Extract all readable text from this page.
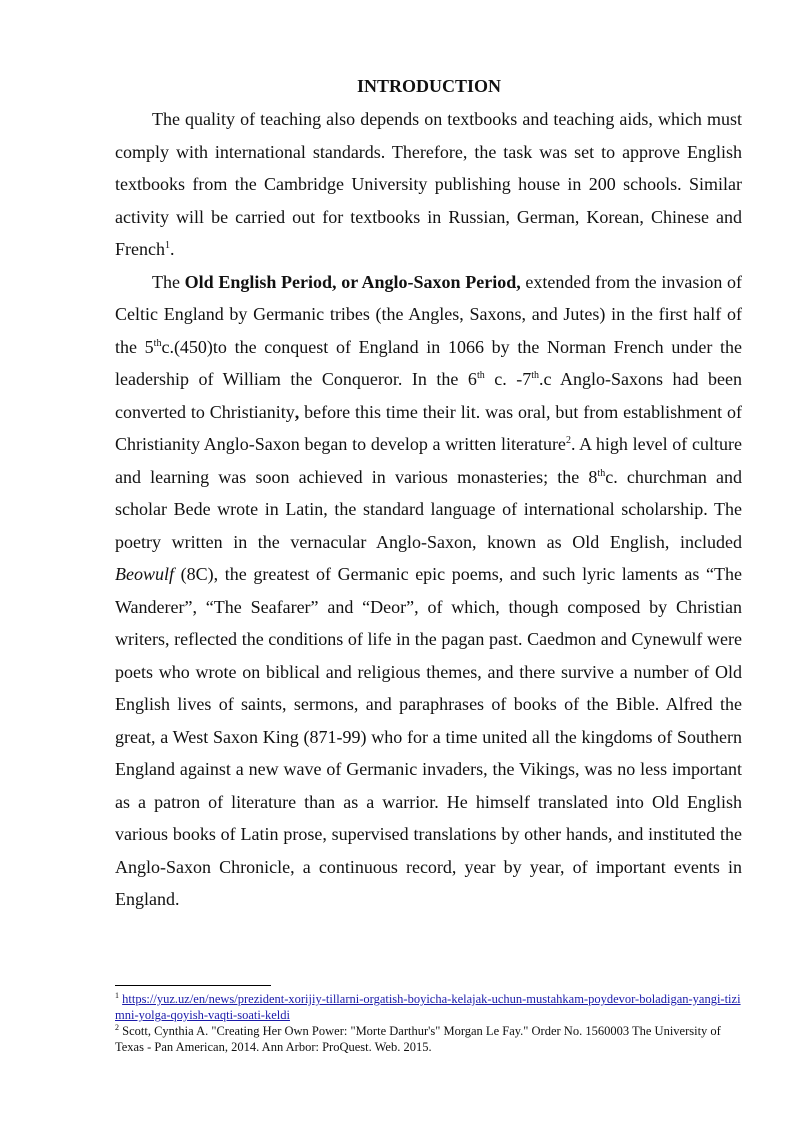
INTRODUCTION

The quality of teaching also depends on textbooks and teaching aids, which must comply with international standards. Therefore, the task was set to approve English textbooks from the Cambridge University publishing house in 200 schools. Similar activity will be carried out for textbooks in Russian, German, Korean, Chinese and French$^1$.

The Old English Period, or Anglo-Saxon Period, extended from the invasion of Celtic England by Germanic tribes (the Angles, Saxons, and Jutes) in the first half of the 5thc.(450)to the conquest of England in 1066 by the Norman French under the leadership of William the Conqueror. In the 6th c. -7th.c Anglo-Saxons had been converted to Christianity, before this time their lit. was oral, but from establishment of Christianity Anglo-Saxon began to develop a written literature$^2$. A high level of culture and learning was soon achieved in various monasteries; the 8thc. churchman and scholar Bede wrote in Latin, the standard language of international scholarship. The poetry written in the vernacular Anglo-Saxon, known as Old English, included Beowulf (8C), the greatest of Germanic epic poems, and such lyric laments as “The Wanderer”, “The Seafarer” and “Deor”, of which, though composed by Christian writers, reflected the conditions of life in the pagan past. Caedmon and Cynewulf were poets who wrote on biblical and religious themes, and there survive a number of Old English lives of saints, sermons, and paraphrases of books of the Bible. Alfred the great, a West Saxon King (871-99) who for a time united all the kingdoms of Southern England against a new wave of Germanic invaders, the Vikings, was no less important as a patron of literature than as a warrior. He himself translated into Old English various books of Latin prose, supervised translations by other hands, and instituted the Anglo-Saxon Chronicle, a continuous record, year by year, of important events in England.

$^1$ https://yuz.uz/en/news/prezident-xorijiy-tillarni-orgatish-boyicha-kelajak-uchun-mustahkam-poydevor-boladigan-yangi-tizimni-yolga-qoyish-vaqti-soati-keldi

$^2$ Scott, Cynthia A. "Creating Her Own Power: "Morte Darthur's" Morgan Le Fay." Order No. 1560003 The University of Texas - Pan American, 2014. Ann Arbor: ProQuest. Web. 2015.
